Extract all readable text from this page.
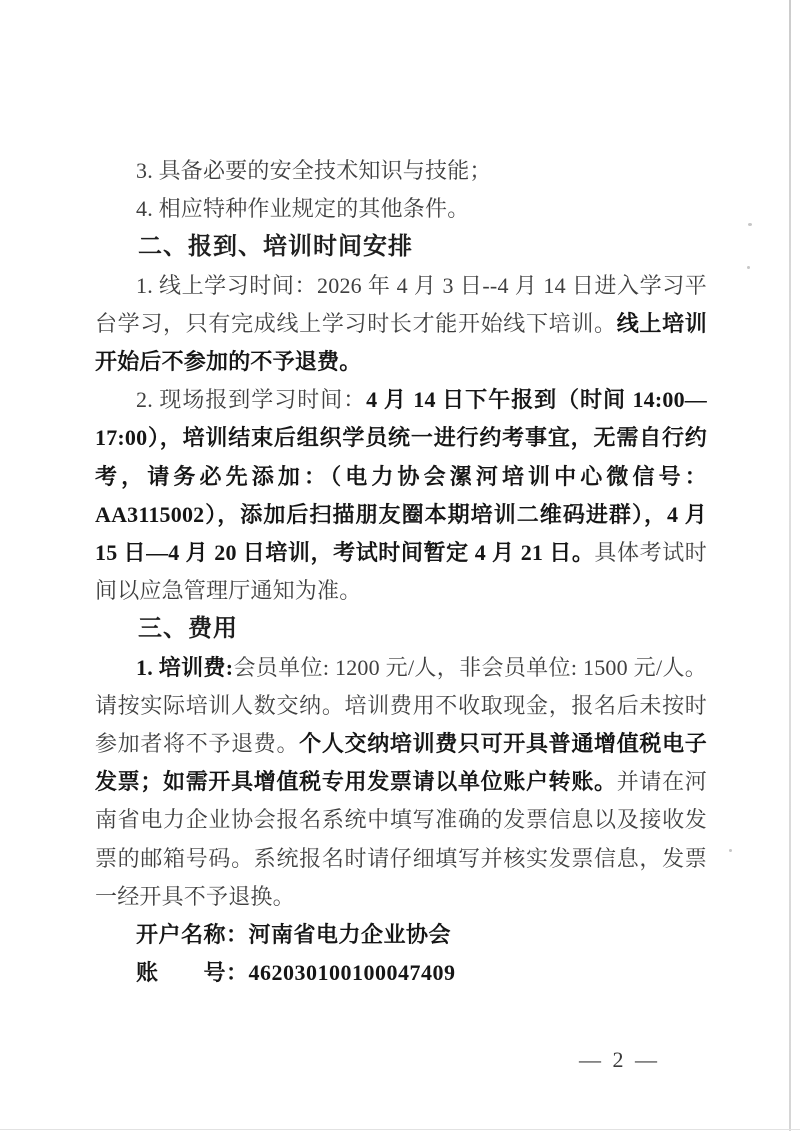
3. 具备必要的安全技术知识与技能；

4. 相应特种作业规定的其他条件。

二、报到、培训时间安排

1. 线上学习时间：2026 年 4 月 3 日--4 月 14 日进入学习平台学习，只有完成线上学习时长才能开始线下培训。线上培训开始后不参加的不予退费。

2. 现场报到学习时间：4 月 14 日下午报到（时间 14:00—17:00），培训结束后组织学员统一进行约考事宜，无需自行约考，请务必先添加：（电力协会漯河培训中心微信号：AA3115002），添加后扫描朋友圈本期培训二维码进群），4 月 15 日—4 月 20 日培训，考试时间暂定 4 月 21 日。具体考试时间以应急管理厅通知为准。

三、费用

1. 培训费:会员单位: 1200 元/人，非会员单位: 1500 元/人。请按实际培训人数交纳。培训费用不收取现金，报名后未按时参加者将不予退费。个人交纳培训费只可开具普通增值税电子发票；如需开具增值税专用发票请以单位账户转账。并请在河南省电力企业协会报名系统中填写准确的发票信息以及接收发票的邮箱号码。系统报名时请仔细填写并核实发票信息，发票一经开具不予退换。

开户名称：河南省电力企业协会

账　　号：462030100100047409

— 2 —
